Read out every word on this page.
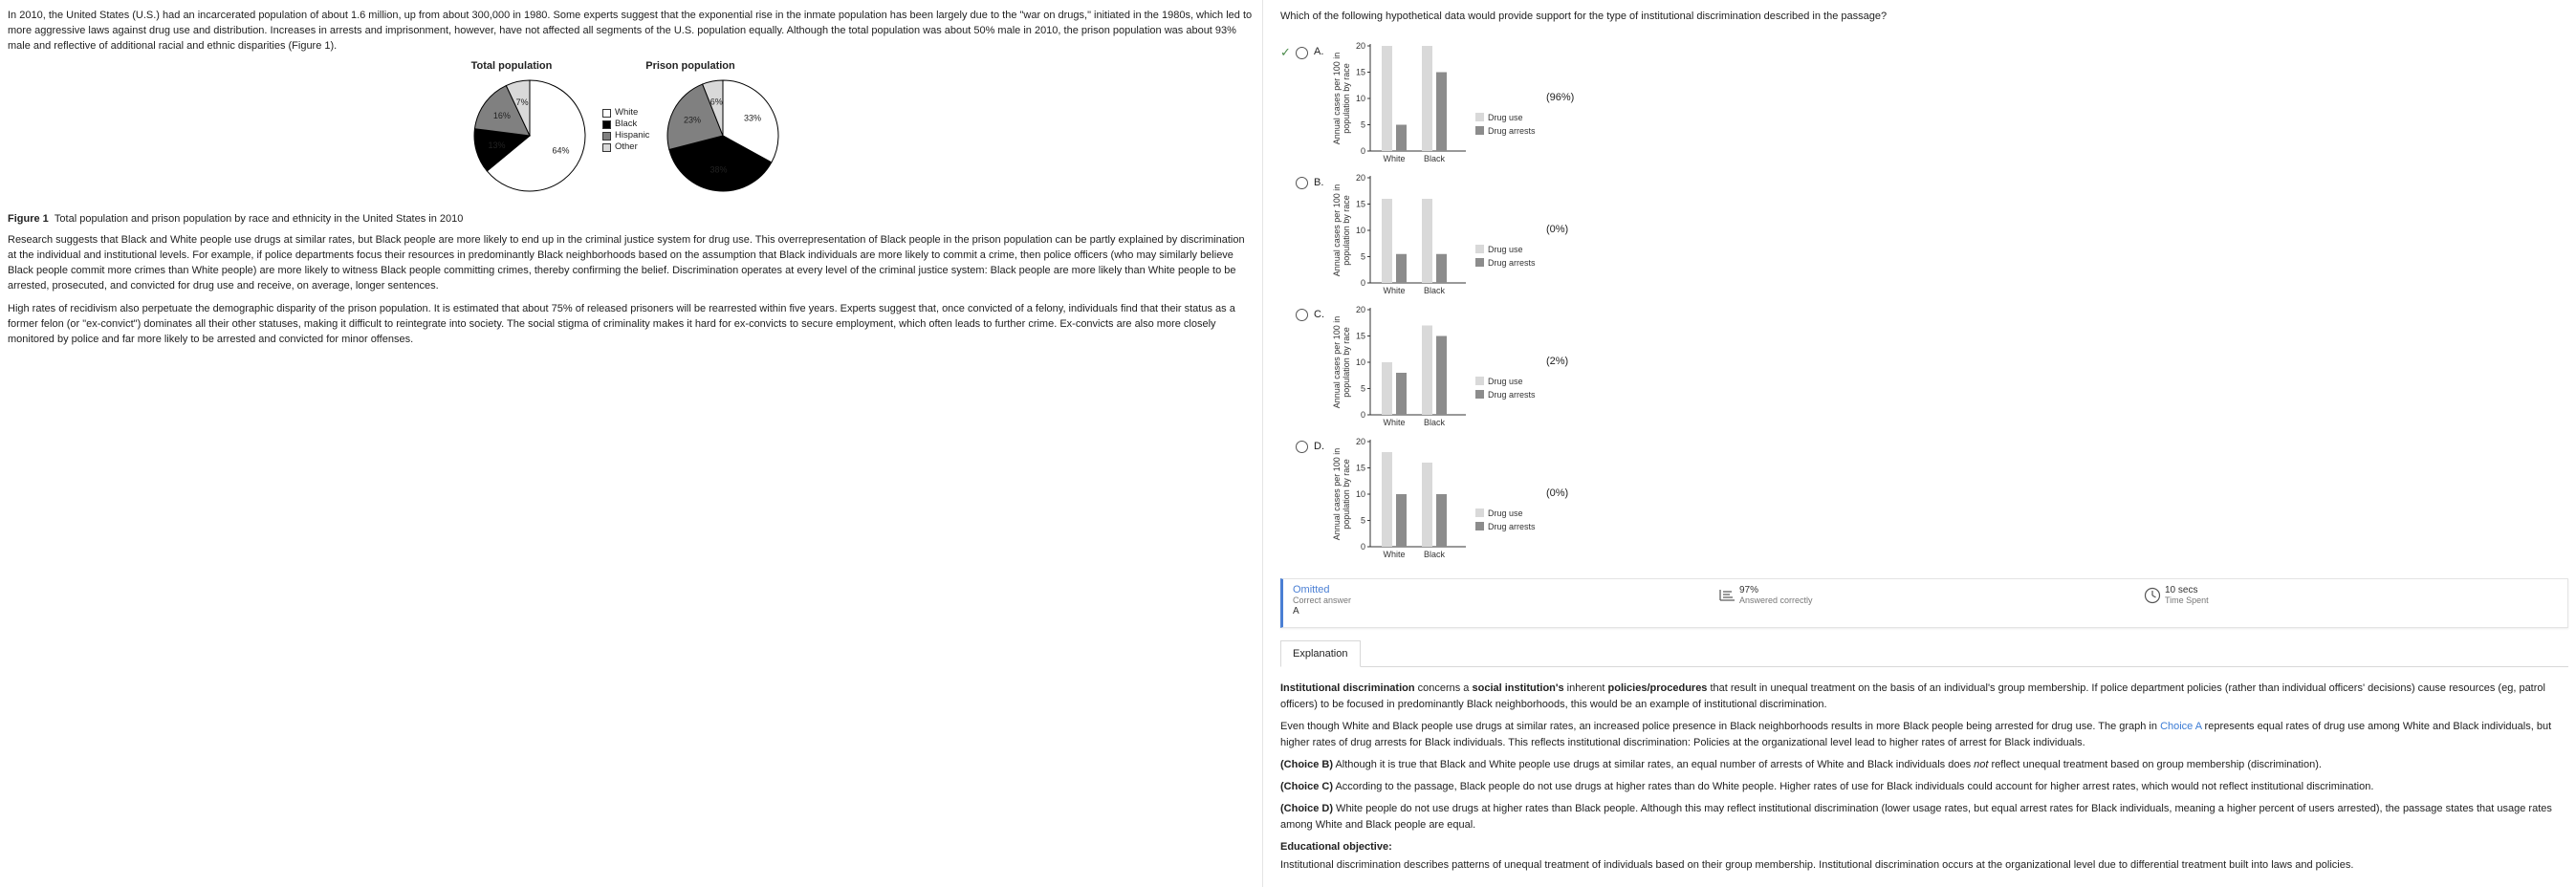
In 2010, the United States (U.S.) had an incarcerated population of about 1.6 million, up from about 300,000 in 1980. Some experts suggest that the exponential rise in the inmate population has been largely due to the "war on drugs," initiated in the 1980s, which led to more aggressive laws against drug use and distribution. Increases in arrests and imprisonment, however, have not affected all segments of the U.S. population equally. Although the total population was about 50% male in 2010, the prison population was about 93% male and reflective of additional racial and ethnic disparities (Figure 1).

Total population	Prison population
64%
13%
16%
7%
33%
38%
23%
6%
White
Black
Hispanic
Other
Figure 1 Total population and prison population by race and ethnicity in the United States in 2010

Research suggests that Black and White people use drugs at similar rates, but Black people are more likely to end up in the criminal justice system for drug use. This overrepresentation of Black people in the prison population can be partly explained by discrimination at the individual and institutional levels. For example, if police departments focus their resources in predominantly Black neighborhoods based on the assumption that Black individuals are more likely to commit a crime, then police officers (who may similarly believe Black people commit more crimes than White people) are more likely to witness Black people committing crimes, thereby confirming the belief. Discrimination operates at every level of the criminal justice system: Black people are more likely than White people to be arrested, prosecuted, and convicted for drug use and receive, on average, longer sentences.

High rates of recidivism also perpetuate the demographic disparity of the prison population. It is estimated that about 75% of released prisoners will be rearrested within five years. Experts suggest that, once convicted of a felony, individuals find that their status as a former felon (or "ex-convict") dominates all their other statuses, making it difficult to reintegrate into society. The social stigma of criminality makes it hard for ex-convicts to secure employment, which often leads to further crime. Ex-convicts are also more closely monitored by police and far more likely to be arrested and convicted for minor offenses.

Which of the following hypothetical data would provide support for the type of institutional discrimination described in the passage?

✓	A.
Annual cases per 100 inpopulation by race
0
5
10
15
20
White Black
Drug use
Drug arrests
(96%)
B.
Annual cases per 100 inpopulation by race
0
5
10
15
20
White Black
Drug use
Drug arrests
(0%)
C.
Annual cases per 100 inpopulation by race
0
5
10
15
20
White Black
Drug use
Drug arrests
(2%)
D.
Annual cases per 100 inpopulation by race
0
5
10
15
20
White Black
Drug use
Drug arrests
(0%)
Omitted
Correct answer
A
97%
Answered correctly
10 secs
Time Spent
Explanation

Institutional discrimination concerns a social institution's inherent policies/procedures that result in unequal treatment on the basis of an individual's group membership. If police department policies (rather than individual officers' decisions) cause resources (eg, patrol officers) to be focused in predominantly Black neighborhoods, this would be an example of institutional discrimination.

Even though White and Black people use drugs at similar rates, an increased police presence in Black neighborhoods results in more Black people being arrested for drug use. The graph in Choice A represents equal rates of drug use among White and Black individuals, but higher rates of drug arrests for Black individuals. This reflects institutional discrimination: Policies at the organizational level lead to higher rates of arrest for Black individuals.

(Choice B) Although it is true that Black and White people use drugs at similar rates, an equal number of arrests of White and Black individuals does not reflect unequal treatment based on group membership (discrimination).

(Choice C) According to the passage, Black people do not use drugs at higher rates than do White people. Higher rates of use for Black individuals could account for higher arrest rates, which would not reflect institutional discrimination.

(Choice D) White people do not use drugs at higher rates than Black people. Although this may reflect institutional discrimination (lower usage rates, but equal arrest rates for Black individuals, meaning a higher percent of users arrested), the passage states that usage rates among White and Black people are equal.

Educational objective:

Institutional discrimination describes patterns of unequal treatment of individuals based on their group membership. Institutional discrimination occurs at the organizational level due to differential treatment built into laws and policies.
